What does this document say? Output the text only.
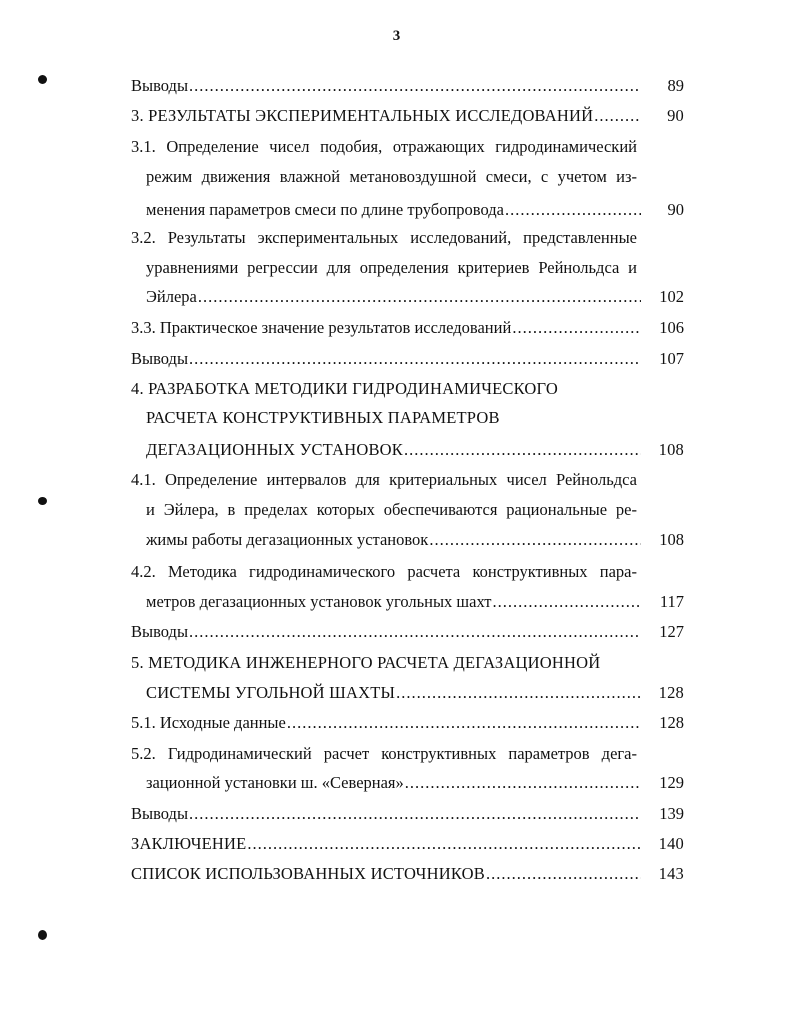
3
Выводы .....	89
3. РЕЗУЛЬТАТЫ ЭКСПЕРИМЕНТАЛЬНЫХ ИССЛЕДОВАНИЙ .....	90
3.1. Определение чисел подобия, отражающих гидродинамический
режим движения влажной метановоздушной смеси, с учетом из-
менения параметров смеси по длине трубопровода .....	90
3.2. Результаты экспериментальных исследований, представленные
уравнениями регрессии для определения критериев Рейнольдса и
Эйлера .....	102
3.3. Практическое значение результатов исследований .....	106
Выводы .....	107
4. РАЗРАБОТКА МЕТОДИКИ ГИДРОДИНАМИЧЕСКОГО
РАСЧЕТА КОНСТРУКТИВНЫХ ПАРАМЕТРОВ
ДЕГАЗАЦИОННЫХ УСТАНОВОК .....	108
4.1. Определение интервалов для критериальных чисел Рейнольдса
и Эйлера, в пределах которых обеспечиваются рациональные ре-
жимы работы дегазационных установок .....	108
4.2. Методика гидродинамического расчета конструктивных пара-
метров дегазационных установок угольных шахт .....	117
Выводы .....	127
5. МЕТОДИКА ИНЖЕНЕРНОГО РАСЧЕТА ДЕГАЗАЦИОННОЙ
СИСТЕМЫ УГОЛЬНОЙ ШАХТЫ .....	128
5.1. Исходные данные .....	128
5.2. Гидродинамический расчет конструктивных параметров дега-
зационной установки ш. «Северная» .....	129
Выводы .....	139
ЗАКЛЮЧЕНИЕ .....	140
СПИСОК ИСПОЛЬЗОВАННЫХ ИСТОЧНИКОВ .....	143
